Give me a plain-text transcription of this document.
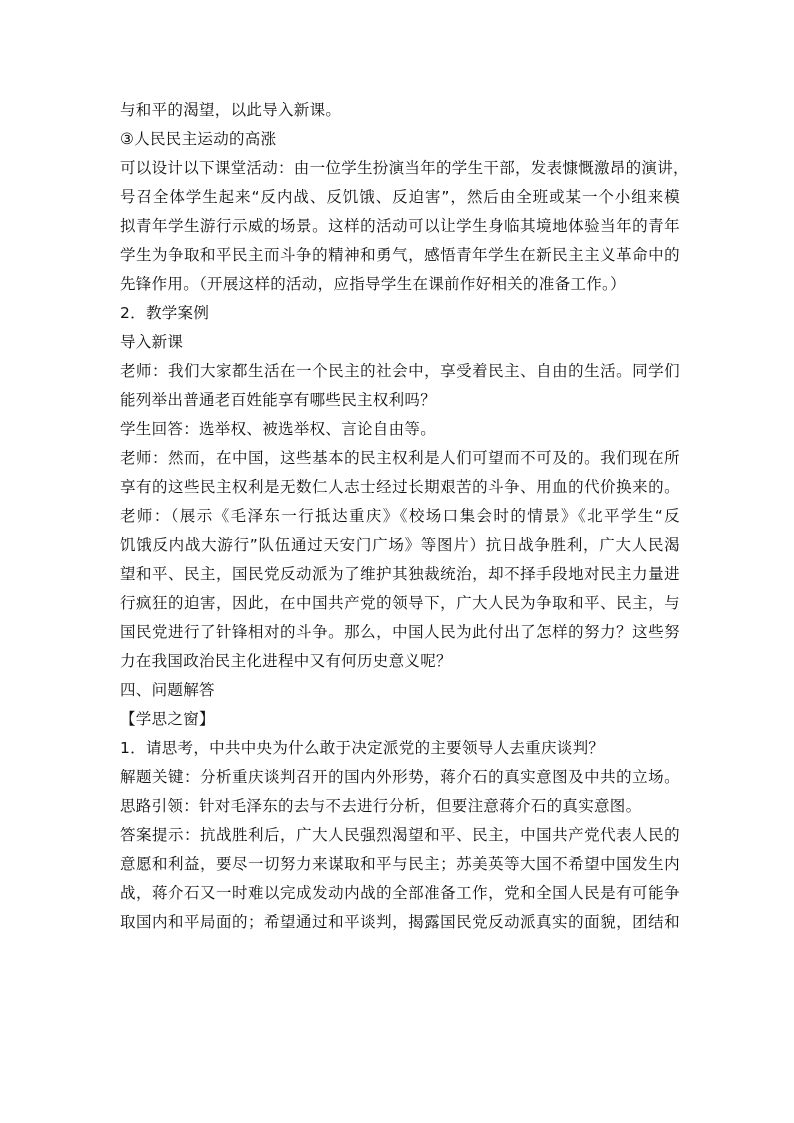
与和平的渴望，以此导入新课。
③人民民主运动的高涨
可以设计以下课堂活动：由一位学生扮演当年的学生干部，发表慷慨激昂的演讲，
号召全体学生起来“反内战、反饥饿、反迫害”，然后由全班或某一个小组来模
拟青年学生游行示威的场景。这样的活动可以让学生身临其境地体验当年的青年
学生为争取和平民主而斗争的精神和勇气，感悟青年学生在新民主主义革命中的
先锋作用。（开展这样的活动，应指导学生在课前作好相关的准备工作。）
2．教学案例
导入新课
老师：我们大家都生活在一个民主的社会中，享受着民主、自由的生活。同学们
能列举出普通老百姓能享有哪些民主权利吗？
学生回答：选举权、被选举权、言论自由等。
老师：然而，在中国，这些基本的民主权利是人们可望而不可及的。我们现在所
享有的这些民主权利是无数仁人志士经过长期艰苦的斗争、用血的代价换来的。
老师：（展示《毛泽东一行抵达重庆》《校场口集会时的情景》《北平学生“反
饥饿反内战大游行”队伍通过天安门广场》等图片）抗日战争胜利，广大人民渴
望和平、民主，国民党反动派为了维护其独裁统治，却不择手段地对民主力量进
行疯狂的迫害，因此，在中国共产党的领导下，广大人民为争取和平、民主，与
国民党进行了针锋相对的斗争。那么，中国人民为此付出了怎样的努力？这些努
力在我国政治民主化进程中又有何历史意义呢？
四、问题解答
【学思之窗】
1．请思考，中共中央为什么敢于决定派党的主要领导人去重庆谈判？
解题关键：分析重庆谈判召开的国内外形势，蒋介石的真实意图及中共的立场。
思路引领：针对毛泽东的去与不去进行分析，但要注意蒋介石的真实意图。
答案提示：抗战胜利后，广大人民强烈渴望和平、民主，中国共产党代表人民的
意愿和利益，要尽一切努力来谋取和平与民主；苏美英等大国不希望中国发生内
战，蒋介石又一时难以完成发动内战的全部准备工作，党和全国人民是有可能争
取国内和平局面的；希望通过和平谈判，揭露国民党反动派真实的面貌，团结和
